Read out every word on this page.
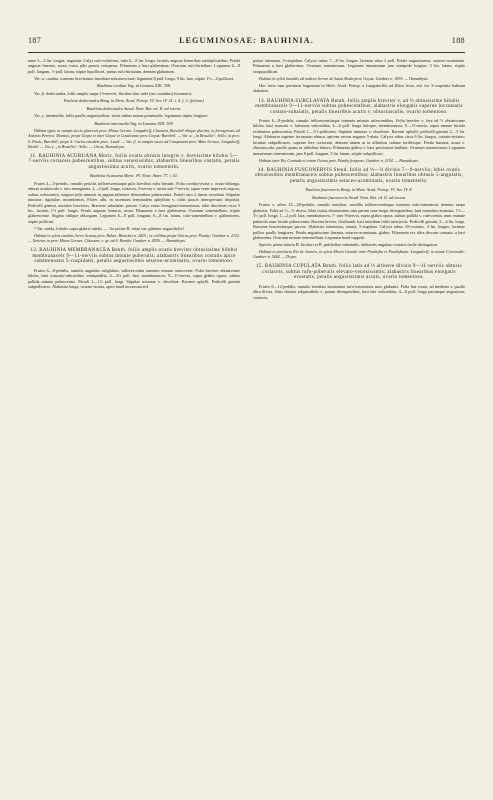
187	LEGUMINOSAE: BAUHINIA.	188

nune 3—4 lin. longae, angustae. Calyx rufo-velutinus, tubo 6—8 lin. longo, laciniis anguste linearibus subtriplicatibus. Petala anguste linearia, acuta, extus pilis paucis conspersa. Filamenta a basi glaberrima. Ovarium rufo-hirtellum. Legumen 6—8 poll. longum, ½ poll. latum, stipite bipollicari, junius rufo-hirsutum, demum glabratum.

Var. α. cordata, tomento brevissimo interdum subcanescente; legumine 8 poll. longo, 9 lin. lato, stipite 1½—2-pollicari.

Bauhinia cordata Vog. in Linnaea XIII. 308.

Var. β. dodecandra, foliis amplis saepe 13-nerviis, floribus hinc inde (nec omnibus) hexameris.

Pauletia dodecandra Bong. in Mem. Acad. Petrop. VI. Ser. IV. 21. t. 4. f. 2. (folium.)

Bauhinia dodecandra Steud. Nom. Bot. ed. II. ad vocem.

Var. γ. intermedia, foliis paullo angustioribus, venis subtus minus prominulis, leguminis stipite longiore.

Bauhinia intermedia Vog. in Linnaea XIII. 309.

Habitat typus in campis siccis glareosis prov. Minas Geraes: Langsdorff, Claussen, Burchell aliique plurimi; in ferruginosis ad Antonio Pereira: Martius; prope Goyaz et inter Goyaz et Cavalcante prov. Goyaz: Burchell. — Var. α. „in Brasilia“: Sello; in prov. S. Paulo, Burchell; prope S. Carlos eiusdem prov.: Lund. — Var. β. in campis siccis ad Campanam prov. Mato Grosso: Langsdorff, Riedel. — Var. γ. „in Brasilia“: Sello. — Orcas, Hamadryas.

11. BAUHINIA ACURUANA Moric. foliis ovatis obtusis integris v. brevissime bilobis 5—7-nerviis coriaceis pubescentibus, subtus venosissimis; alabastris linearibus costatis, petalis angustissimis acutis, ovario tomentello.

Bauhinia Acuruana Moric. Pl. Nouv. Amer. 77. t. 51.

Frutex 4—5-pedalis, ramulis petiolis inflorescentiaque pilis brevibus rufis hirsutis. Folia cordato-ovata v. ovato-oblonga, obtusa acutiuscula v. raro emarginata, 2—4 poll. longa, coriacea, 5-nervia v. rarius sub-7-nervia, supra venis impressis rugosa, subtus rufescentia, strigose pilis minutis in pagina inferiore densioribus pubescentia. Petioli raro 2 lineas excedunt. Stipulae minutae, rigidulae, incumbentes. Flores albi, in racemum terminalem aphyllum v. foliis paucis interspersum dispositi. Pedicelli gemini, unciales breviores. Bracteae subulatae, parvae. Calyx extus ferrugineo-tomentosus, tubo disciferae circa 5 lin., laciniis 1½ poll. longis. Petala anguste linearia, acuta. Filamenta a basi glaberrima. Ovarium tomentellum, stipite glabrescente. Stigma oblique oblongum. Legumen 6—8 poll. longum, 6—8 lin. latum, rufo-tomentellum v. glabrescens, stipite pollicari.

? Var. nitida, foliolis supra glabris nitidis. — An potius B. rufae var. glabrior angustifolia?

Habitat in sylvis caeduis Serra Acurua prov. Bahia: Blanchet n. 2825.; in collibus prope Oeiras prov. Piauhy: Gardner n. 2152. — Varietas in prov. Minas Geraes: Claussen; e. gr. ad S. Romão: Gardner n. 4556. — Hamadryas.

12. BAUHINIA MEMBRANACEA Benth. foliis amplis ovatis breviter obtusissime bilobis membranaceis 9—11-nerviis subtus minute puberulis; alabastris linearibus costatis apice subattenuatis 5-cuspidatis, petalis angustissimis setaceo-acuminatis, ovario tomentoso.

Frutex 6—8-pedalis, ramulis angulatis subglabris, inflorescentia tomento minuto canescente. Folia breviter obtusissime biloba, basi truncato-subcordata, semipedalia, 4—4½ poll. lata, membranacea, 9—11-nervia, supra glabra opaca, subtus pallida minute pubescentia. Petioli 1—1½ poll. longi. Stipulae minutae v. obsoletae. Racemi aphylli. Pedicelli gemini subpollicares. Alabastra longa, costato-striata, apice haud incrassata sed

potius attenuata, 5-cuspidata. Calycis tubus 7—8 lin. longus, laciniae ultra 2 poll. Petala angustissima, setaceo-acuminata. Filamenta a basi glaberrima. Ovarium tomentosum. Legumen immaturum jam semipede longius, 5 lin. latum, stipite sesquipollicari.

Habitat in sylvis humidis ad radices Serrae de Santa Brida prov. Goyaz: Gardner n. 3693. — Hamadryas.

Hoc forte cum pertinent fragmenta in Herb. Acad. Petrop. a Langsdorffio ad Illeos lecta, etsi vix 3-cuspidata habeant alabastra.

13. BAUHINIA SUBCLAVATA Benth. foliis amplis breviter v. ad ⅓ obtusissime bilobis membranaceis 9—11-nerviis subtus pubescentibus; alabastris elongatis superne incrassatis costato-subalatis, petalis linearibus acutis v. obtusiusculis, ovario tomentoso.

Frutex 6—8-pedalis, ramulis inflorescentiaque tomento minuto rufescentibus. Folia breviter v. fere ad ⅓ obtusissime biloba, basi truncata v. latissime subcordata, 4—6 poll. longa latisque, membranacea, 9—11-nervia, supra minute hirtula evidentius pubescentia. Petioli 1—1½-pollicares. Stipulae minutae v. obsoletae. Racemi aphylli; pedicelli gemini 2—3 lin. longi. Alabastra superne incrassato-obtusa, apicem versus anguste 5-alata. Calycis tubus circa 6 lin. longus, costato-striatus; laciniae subpollicares, superne fere coriaceae, demum tamen ut in affinibus solutae tortilesque. Petala linearia, acuta v. obtusiuscula, paullo quam in affinibus latiora. Filamenta glabra v. basi parcissime barbata. Ovarium tomentosum. Legumen immaturum tomentosum, jam 8 poll. longum, 5 lin. latum, stipite subpollicari.

Habitat inter Rio Comisda et ortum Oeiras prov. Piauhy frequens: Gardner n. 2154. — Hamadryas.

14. BAUHINIA FUSCONERVIS Steud. foliis ad ⅓—⅔ divisis 7—9-nerviis; lobis ovatis obtusissimis membranaceis subtus pubescentibus; alabastris linearibus obtusis 5-angulatis, petalis angustissimis setaceo-acuminatis, ovario tomentello.

Pauletia fusconervis Bong. in Mem. Acad. Petrop. VI. Ser. IV. 8.

Bauhinia fusconervis Steud. Nom. Bot. ed. II. ad vocem.

Frutex v. arbor 15—20-pedalis, ramulis tenuibus, novellis inflorescentiaque tomento rufo-tomentosis demum saepe glabratis. Folia ad ⅓—⅔ divisa, lobis ovatis obtusissimis sinu parum sane magis divergentibus, basi rotundato-truncata, 1½—3½ poll. longa, 1—2 poll. lata, membranacea, 7- raro 9-nervia, supra glabra opaca, subtus pallida v. rufescentia, nunc minute puberula nunc lucide pubescentia. Racemi breves, floribundi, basi interdum foliis interjectis. Pedicelli gemini, 3—4 lin. longi. Bracteae bracteolaeque parvae. Alabastra tomentosa, tenuia, 5-angulata. Calycis tubus 10-costatus, 4 lin. longus; laciniae pollice paullo longiores. Petala angustissime linearia, setaceo-acuminata, glabra. Filamenta vix ultra discum connata, a basi glaberrima. Ovarium minute tomentellum. Legumen haud suppetit.

Species primo intuitu B. bicolori et B. pulchellae subsimilis, alabastris angulato-costatis facile distinguitur.

Habitat in provincia Rio de Janeiro, in sylvis Morro Grande inter Parahyba et Parahybuna: Langsdorff; in monte Corcovado: Gardner n. 5444. — Dryas.

15. BAUHINIA CUPULATA Benth. foliis latis ad ⅓ altiusve divisis 9—11-nerviis obtusis coriaceis, subtus rufo-puberulis elevato-venosissimis; alabastris linearibus elongatis ecostatis, petalis angustissimis acutis, ovario tomentoso.

Frutex 8—12-pedalis, ramulis teretibus tenuissime rufo-tomentosis mox glabratis. Folia late ovata, ad medium v. paullo ultra divisa, lobis obtusis subparallelis v. parum divergentibus, basi late subcordata, 4—6 poll. longa parumque angustiora, coriacea,
